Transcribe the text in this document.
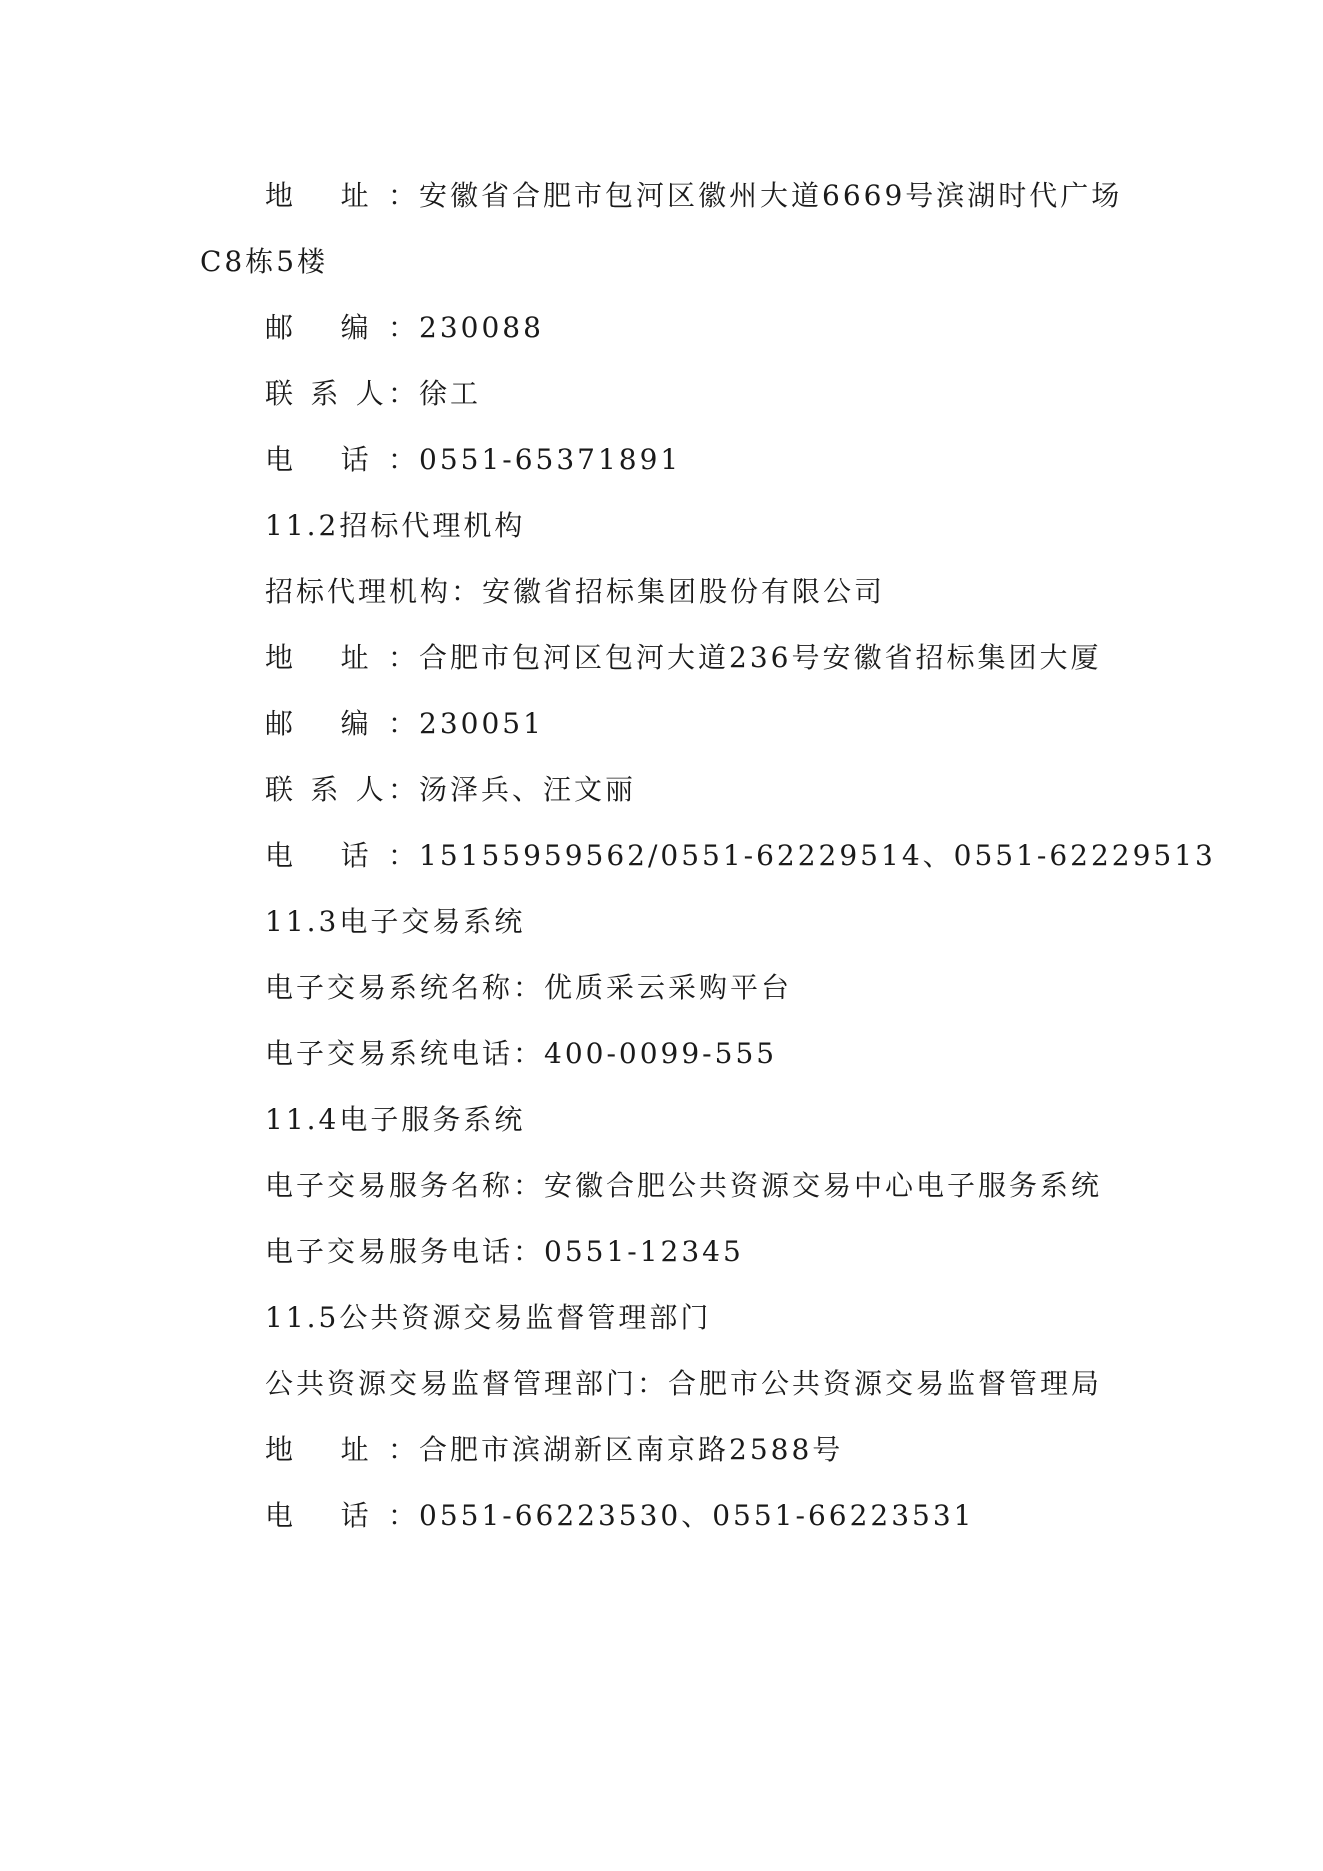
地 址：安徽省合肥市包河区徽州大道6669号滨湖时代广场
C8栋5楼
邮 编：230088
联 系 人：徐工
电 话：0551-65371891
11.2招标代理机构
招标代理机构：安徽省招标集团股份有限公司
地 址：合肥市包河区包河大道236号安徽省招标集团大厦
邮 编：230051
联 系 人：汤泽兵、汪文丽
电 话：15155959562/0551-62229514、0551-62229513
11.3电子交易系统
电子交易系统名称：优质采云采购平台
电子交易系统电话：400-0099-555
11.4电子服务系统
电子交易服务名称：安徽合肥公共资源交易中心电子服务系统
电子交易服务电话：0551-12345
11.5公共资源交易监督管理部门
公共资源交易监督管理部门：合肥市公共资源交易监督管理局
地 址：合肥市滨湖新区南京路2588号
电 话：0551-66223530、0551-66223531
